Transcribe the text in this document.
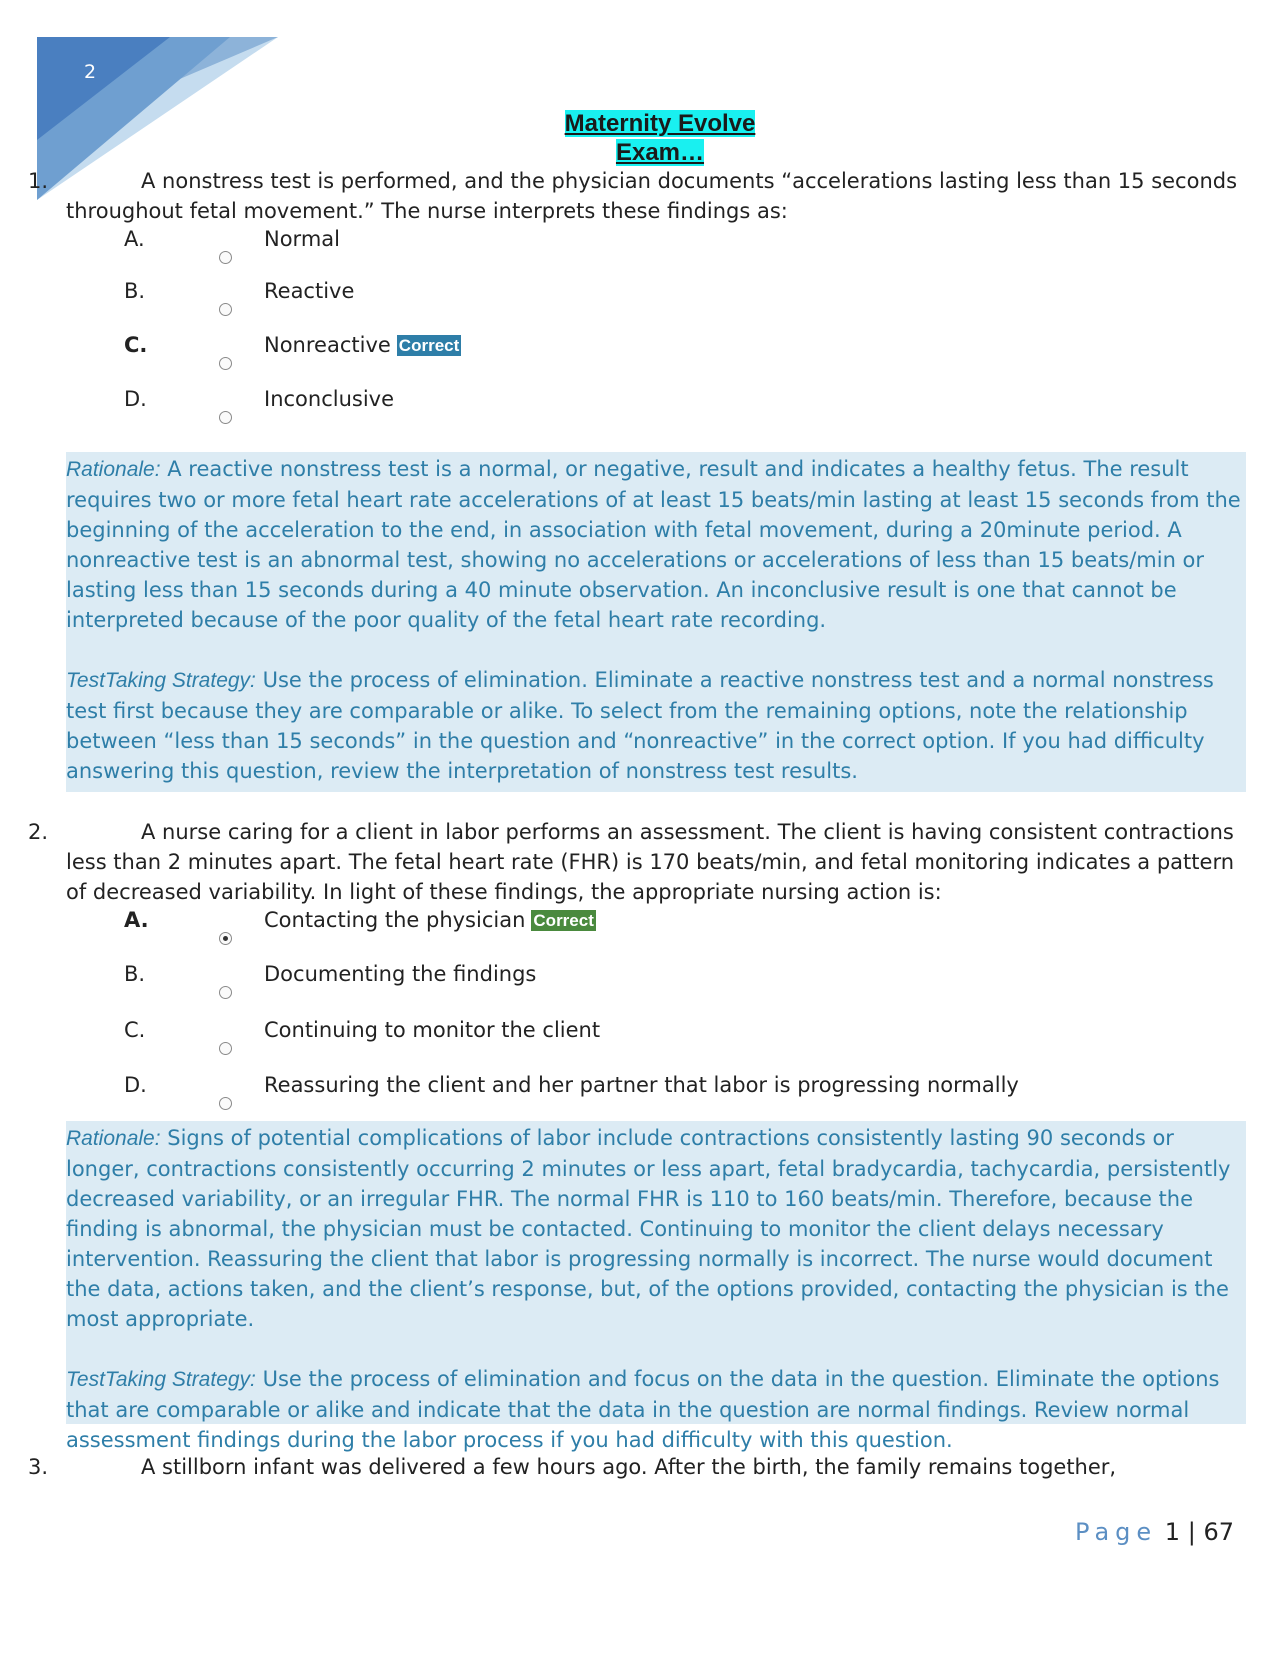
2
Maternity Evolve
Exam…
1.	A nonstress test is performed, and the physician documents “accelerations lasting less than 15 seconds throughout fetal movement.” The nurse interprets these findings as:
A.	Normal
B.	Reactive
C.	Nonreactive Correct
D.	Inconclusive

Rationale: A reactive nonstress test is a normal, or negative, result and indicates a healthy fetus. The result requires two or more fetal heart rate accelerations of at least 15 beats/min lasting at least 15 seconds from the beginning of the acceleration to the end, in association with fetal movement, during a 20minute period. A nonreactive test is an abnormal test, showing no accelerations or accelerations of less than 15 beats/min or lasting less than 15 seconds during a 40 minute observation. An inconclusive result is one that cannot be interpreted because of the poor quality of the fetal heart rate recording.

TestTaking Strategy: Use the process of elimination. Eliminate a reactive nonstress test and a normal nonstress test first because they are comparable or alike. To select from the remaining options, note the relationship between “less than 15 seconds” in the question and “nonreactive” in the correct option. If you had difficulty answering this question, review the interpretation of nonstress test results.

2.	A nurse caring for a client in labor performs an assessment. The client is having consistent contractions less than 2 minutes apart. The fetal heart rate (FHR) is 170 beats/min, and fetal monitoring indicates a pattern of decreased variability. In light of these findings, the appropriate nursing action is:
A.	Contacting the physician Correct
B.	Documenting the findings
C.	Continuing to monitor the client
D.	Reassuring the client and her partner that labor is progressing normally

Rationale: Signs of potential complications of labor include contractions consistently lasting 90 seconds or longer, contractions consistently occurring 2 minutes or less apart, fetal bradycardia, tachycardia, persistently decreased variability, or an irregular FHR. The normal FHR is 110 to 160 beats/min. Therefore, because the finding is abnormal, the physician must be contacted. Continuing to monitor the client delays necessary intervention. Reassuring the client that labor is progressing normally is incorrect. The nurse would document the data, actions taken, and the client’s response, but, of the options provided, contacting the physician is the most appropriate.

TestTaking Strategy: Use the process of elimination and focus on the data in the question. Eliminate the options that are comparable or alike and indicate that the data in the question are normal findings. Review normal assessment findings during the labor process if you had difficulty with this question.

3.	A stillborn infant was delivered a few hours ago. After the birth, the family remains together,
Page 1 | 67
